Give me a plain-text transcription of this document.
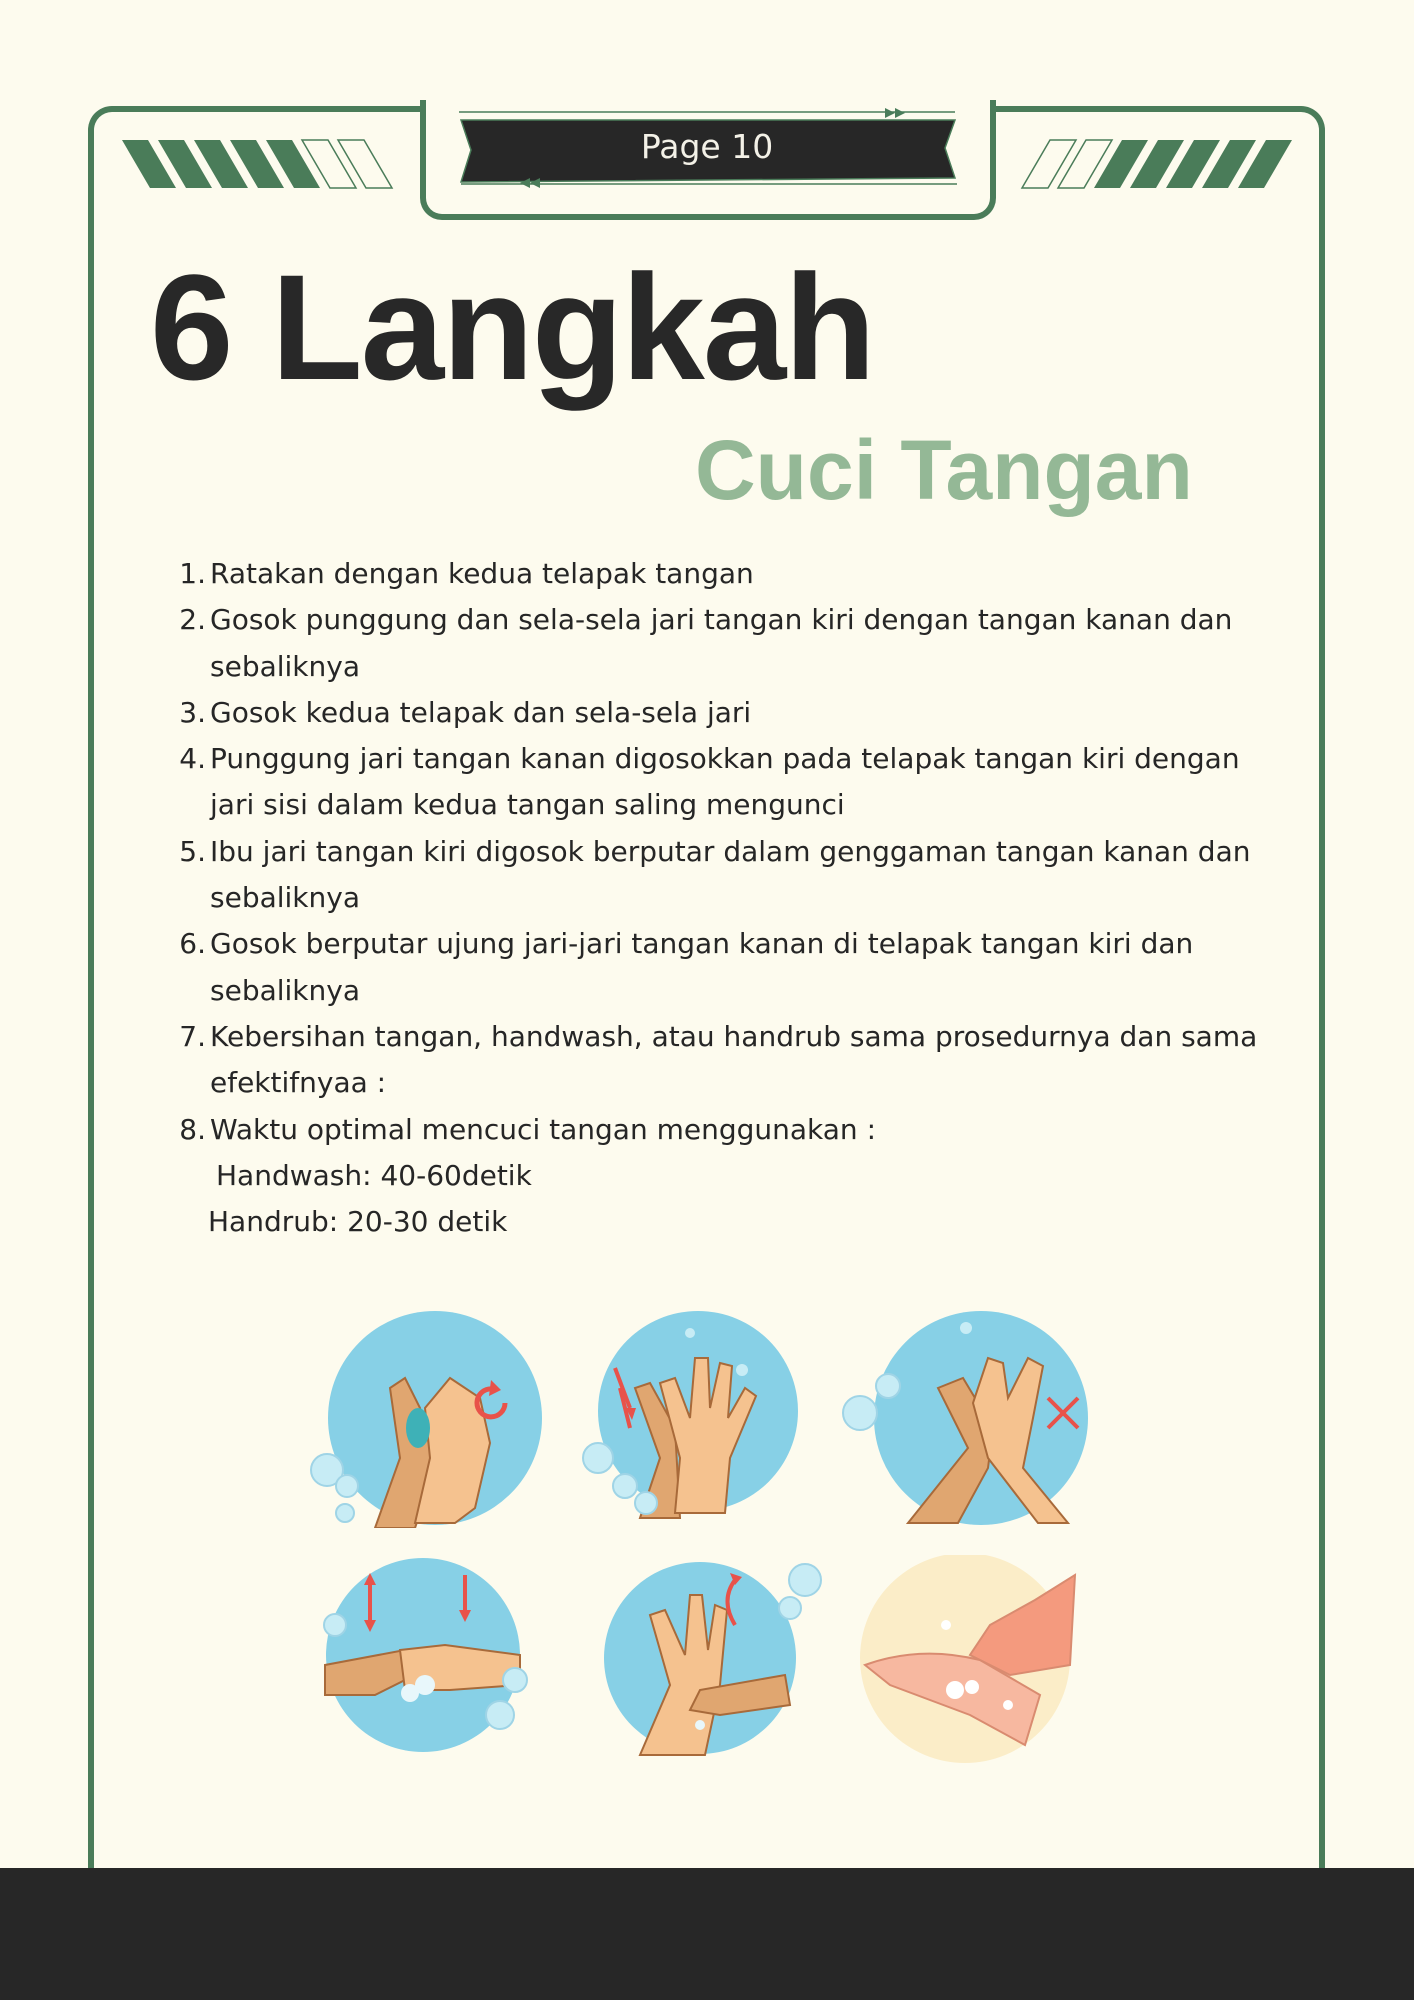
Page 10
6 Langkah
Cuci Tangan
1. Ratakan dengan kedua telapak tangan
2. Gosok punggung dan sela-sela jari tangan kiri dengan tangan kanan dan sebaliknya
3. Gosok kedua telapak dan sela-sela jari
4. Punggung jari tangan kanan digosokkan pada telapak tangan kiri dengan jari sisi dalam kedua tangan saling mengunci
5. Ibu jari tangan kiri digosok berputar dalam genggaman tangan kanan dan sebaliknya
6. Gosok berputar ujung jari-jari tangan kanan di telapak tangan kiri dan sebaliknya
7. Kebersihan tangan, handwash, atau handrub sama prosedurnya dan sama efektifnyaa :
8. Waktu optimal mencuci tangan menggunakan :
Handwash: 40-60detik
Handrub: 20-30 detik
